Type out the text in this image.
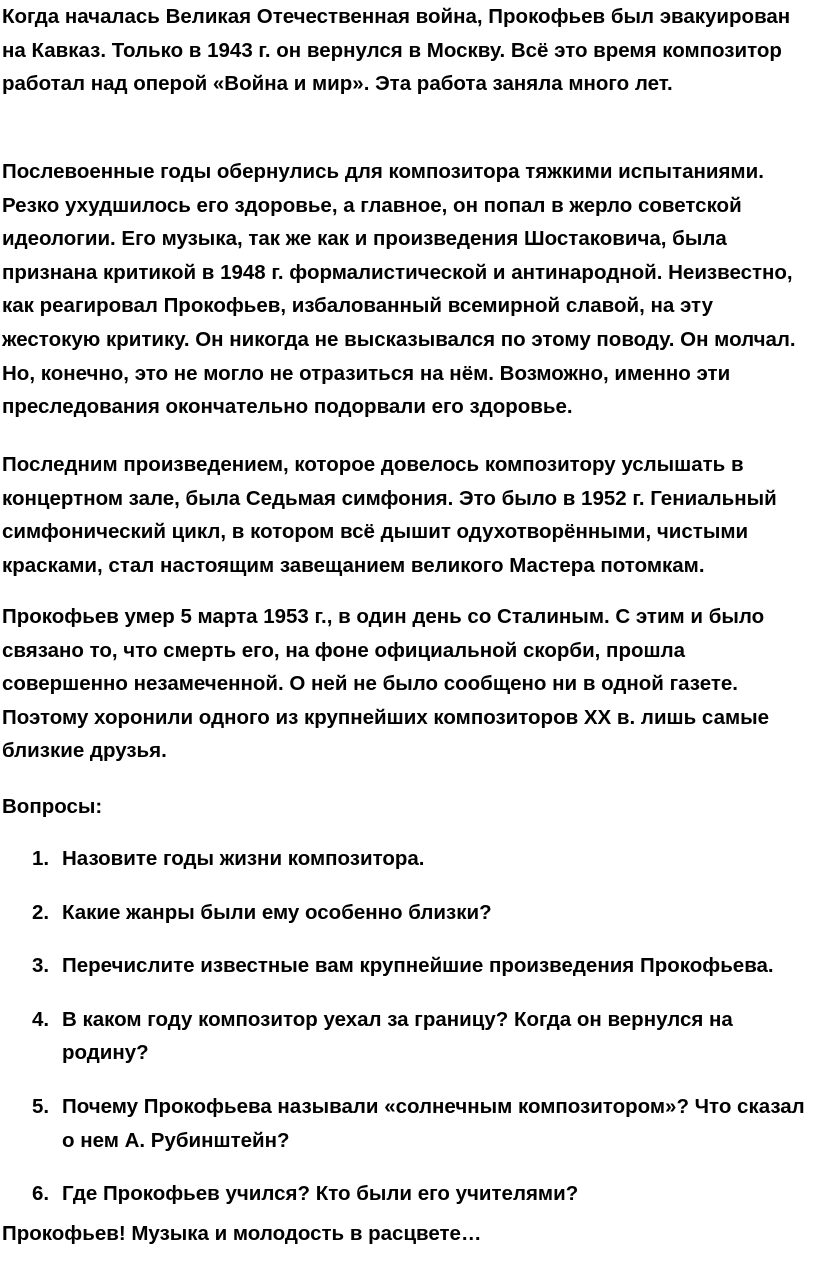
Когда началась Великая Отечественная война, Прокофьев был эвакуирован на Кавказ. Только в 1943 г. он вернулся в Москву. Всё это время композитор работал над оперой «Война и мир». Эта работа заняла много лет.

Послевоенные годы обернулись для композитора тяжкими испытаниями. Резко ухудшилось его здоровье, а главное, он попал в жерло советской идеологии. Его музыка, так же как и произведения Шостаковича, была признана критикой в 1948 г. формалистической и антинародной. Неизвестно, как реагировал Прокофьев, избалованный всемирной славой, на эту жестокую критику. Он никогда не высказывался по этому поводу. Он молчал. Но, конечно, это не могло не отразиться на нём. Возможно, именно эти преследования окончательно подорвали его здоровье.

Последним произведением, которое довелось композитору услышать в концертном зале, была Седьмая симфония. Это было в 1952 г. Гениальный симфонический цикл, в котором всё дышит одухотворёнными, чистыми красками, стал настоящим завещанием великого Мастера потомкам.

Прокофьев умер 5 марта 1953 г., в один день со Сталиным. С этим и было связано то, что смерть его, на фоне официальной скорби, прошла совершенно незамеченной. О ней не было сообщено ни в одной газете. Поэтому хоронили одного из крупнейших композиторов XX в. лишь самые близкие друзья.

Вопросы:

1. Назовите годы жизни композитора.
2. Какие жанры были ему особенно близки?
3. Перечислите известные вам крупнейшие произведения Прокофьева.
4. В каком году композитор уехал за границу? Когда он вернулся на родину?
5. Почему Прокофьева называли «солнечным композитором»? Что сказал о нем А. Рубинштейн?
6. Где Прокофьев учился? Кто были его учителями?

Прокофьев! Музыка и молодость в расцвете…
